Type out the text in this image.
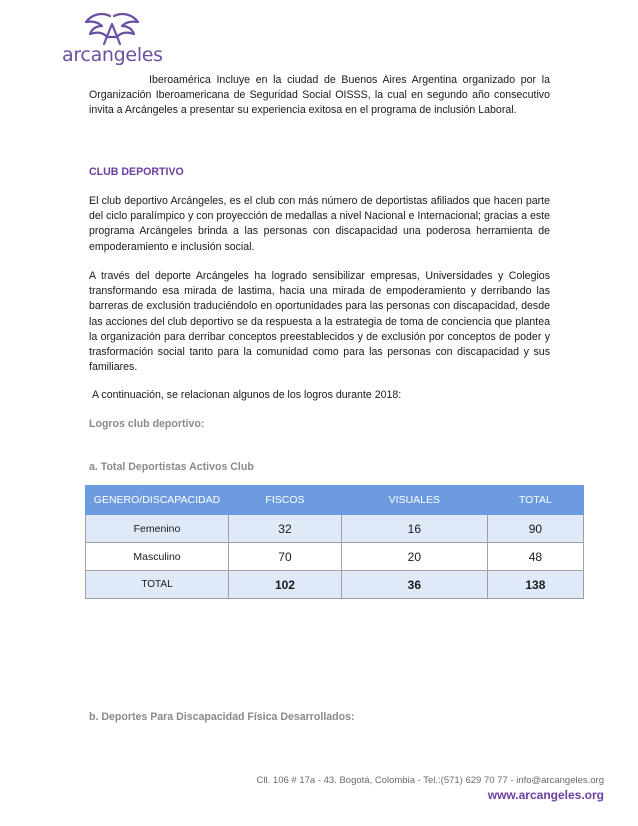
arcangeles

Iberoamérica Incluye en la ciudad de Buenos Aires Argentina organizado por la Organización Iberoamericana de Seguridad Social OISSS, la cual en segundo año consecutivo invita a Arcángeles a presentar su experiencia exitosa en el programa de inclusión Laboral.

CLUB DEPORTIVO

El club deportivo Arcángeles, es el club con más número de deportistas afiliados que hacen parte del ciclo paralímpico y con proyección de medallas a nivel Nacional e Internacional; gracias a este programa Arcángeles brinda a las personas con discapacidad una poderosa herramienta de empoderamiento e inclusión social.

A través del deporte Arcángeles ha logrado sensibilizar empresas, Universidades y Colegios transformando esa mirada de lastima, hacia una mirada de empoderamiento y derribando las barreras de exclusión traduciéndolo en oportunidades para las personas con discapacidad, desde las acciones del club deportivo se da respuesta a la estrategia de toma de conciencia que plantea la organización para derribar conceptos preestablecidos y de exclusión por conceptos de poder y trasformación social tanto para la comunidad como para las personas con discapacidad y sus familiares.

A continuación, se relacionan algunos de los logros durante 2018:

Logros club deportivo:

a. Total Deportistas Activos Club

GENERO/DISCAPACIDAD	FISCOS	VISUALES	TOTAL
Femenino	32	16	90
Masculino	70	20	48
TOTAL	102	36	138

b. Deportes Para Discapacidad Física Desarrollados:

Cll. 106 # 17a - 43. Bogotá, Colombia - Tel.:(571) 629 70 77 - info@arcangeles.org
www.arcangeles.org
